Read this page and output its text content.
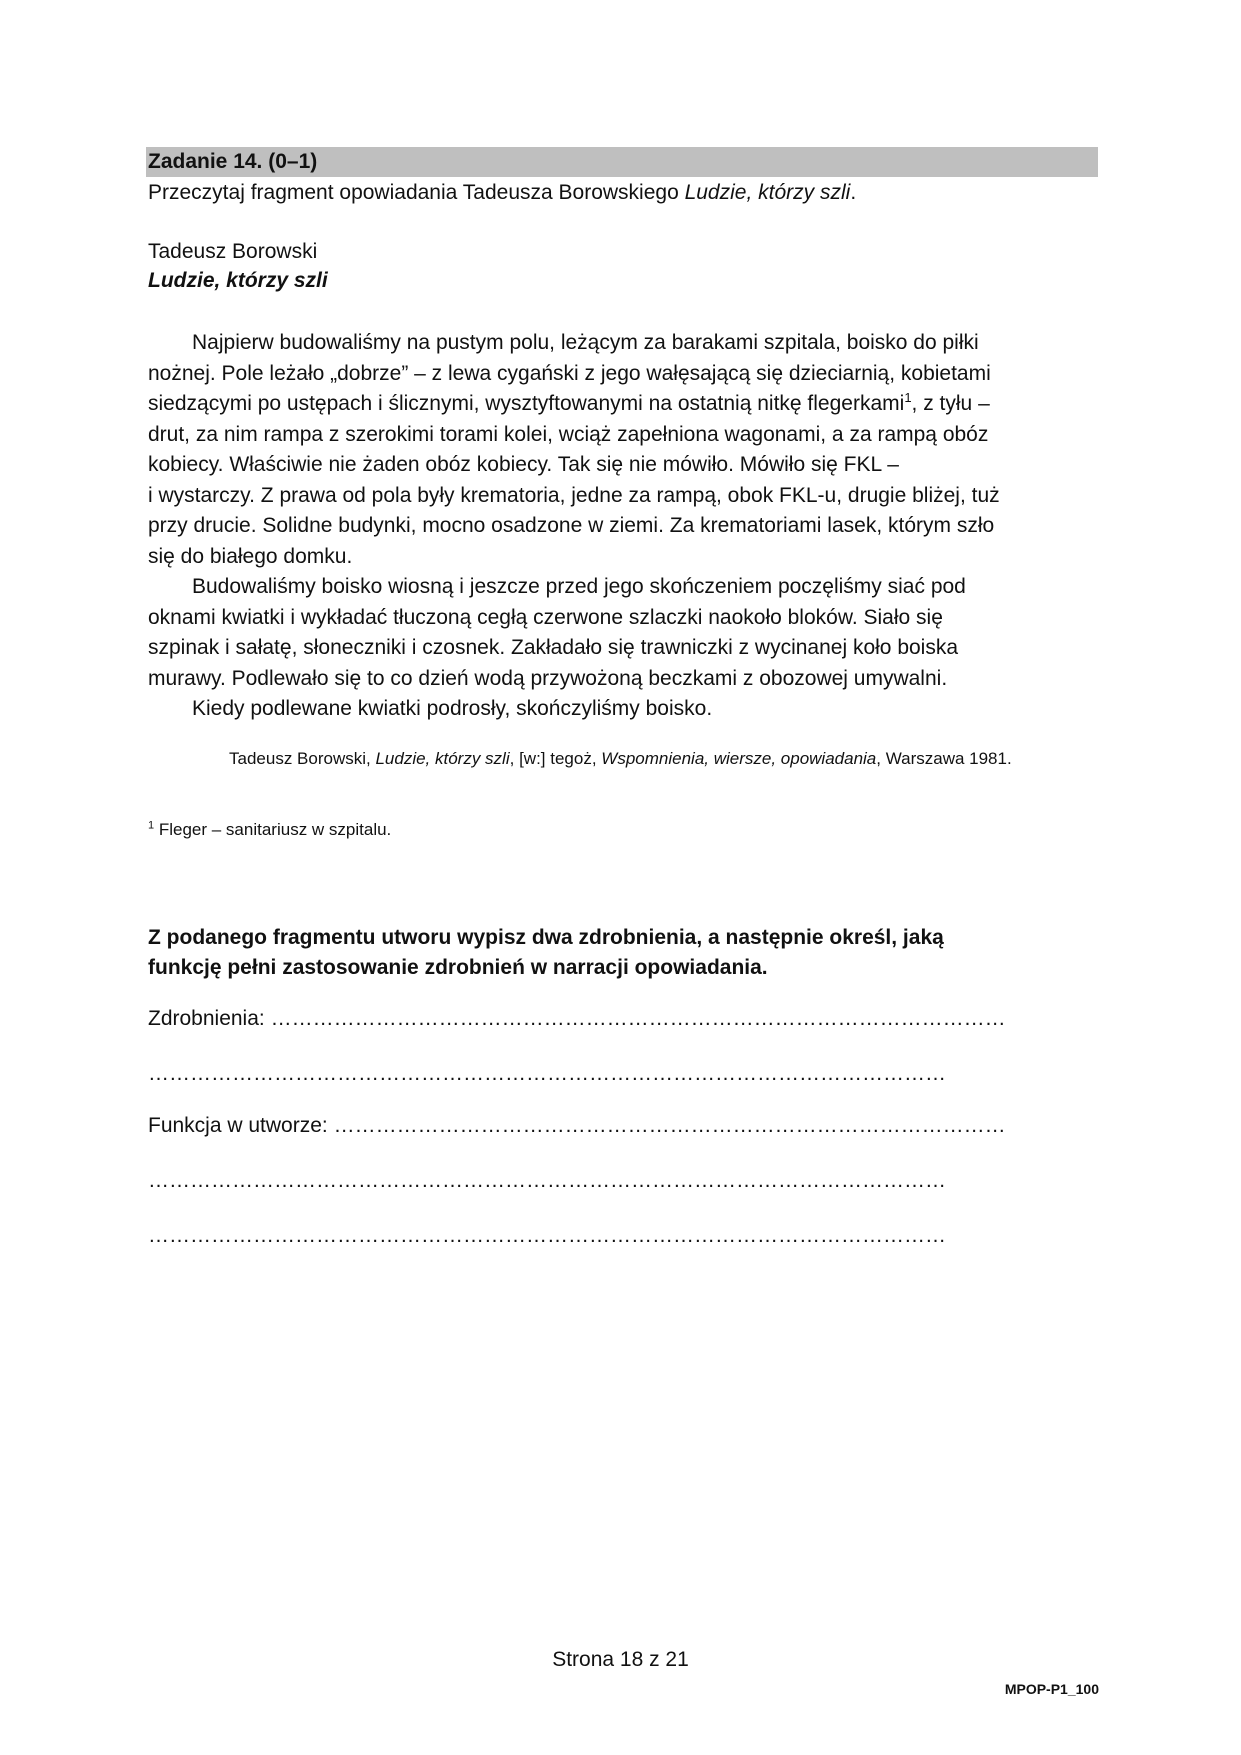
Zadanie 14. (0–1)
Przeczytaj fragment opowiadania Tadeusza Borowskiego Ludzie, którzy szli.
Tadeusz Borowski
Ludzie, którzy szli
Najpierw budowaliśmy na pustym polu, leżącym za barakami szpitala, boisko do piłki
nożnej. Pole leżało „dobrze” – z lewa cygański z jego wałęsającą się dzieciarnią, kobietami
siedzącymi po ustępach i ślicznymi, wysztyftowanymi na ostatnią nitkę flegerkami$^1$, z tyłu –
drut, za nim rampa z szerokimi torami kolei, wciąż zapełniona wagonami, a za rampą obóz
kobiecy. Właściwie nie żaden obóz kobiecy. Tak się nie mówiło. Mówiło się FKL –
i wystarczy. Z prawa od pola były krematoria, jedne za rampą, obok FKL-u, drugie bliżej, tuż
przy drucie. Solidne budynki, mocno osadzone w ziemi. Za krematoriami lasek, którym szło
się do białego domku.
Budowaliśmy boisko wiosną i jeszcze przed jego skończeniem poczęliśmy siać pod
oknami kwiatki i wykładać tłuczoną cegłą czerwone szlaczki naokoło bloków. Siało się
szpinak i sałatę, słoneczniki i czosnek. Zakładało się trawniczki z wycinanej koło boiska
murawy. Podlewało się to co dzień wodą przywożoną beczkami z obozowej umywalni.
Kiedy podlewane kwiatki podrosły, skończyliśmy boisko.
Tadeusz Borowski, Ludzie, którzy szli, [w:] tegoż, Wspomnienia, wiersze, opowiadania, Warszawa 1981.
$^1$ Fleger – sanitariusz w szpitalu.
Z podanego fragmentu utworu wypisz dwa zdrobnienia, a następnie określ, jaką
funkcję pełni zastosowanie zdrobnień w narracji opowiadania.
Zdrobnienia: ……………………………………………………………………………………………
……………………………………………………………………………………………………
Funkcja w utworze: ……………………………………………………………………………………
……………………………………………………………………………………………………
……………………………………………………………………………………………………
Strona 18 z 21
MPOP-P1_100
